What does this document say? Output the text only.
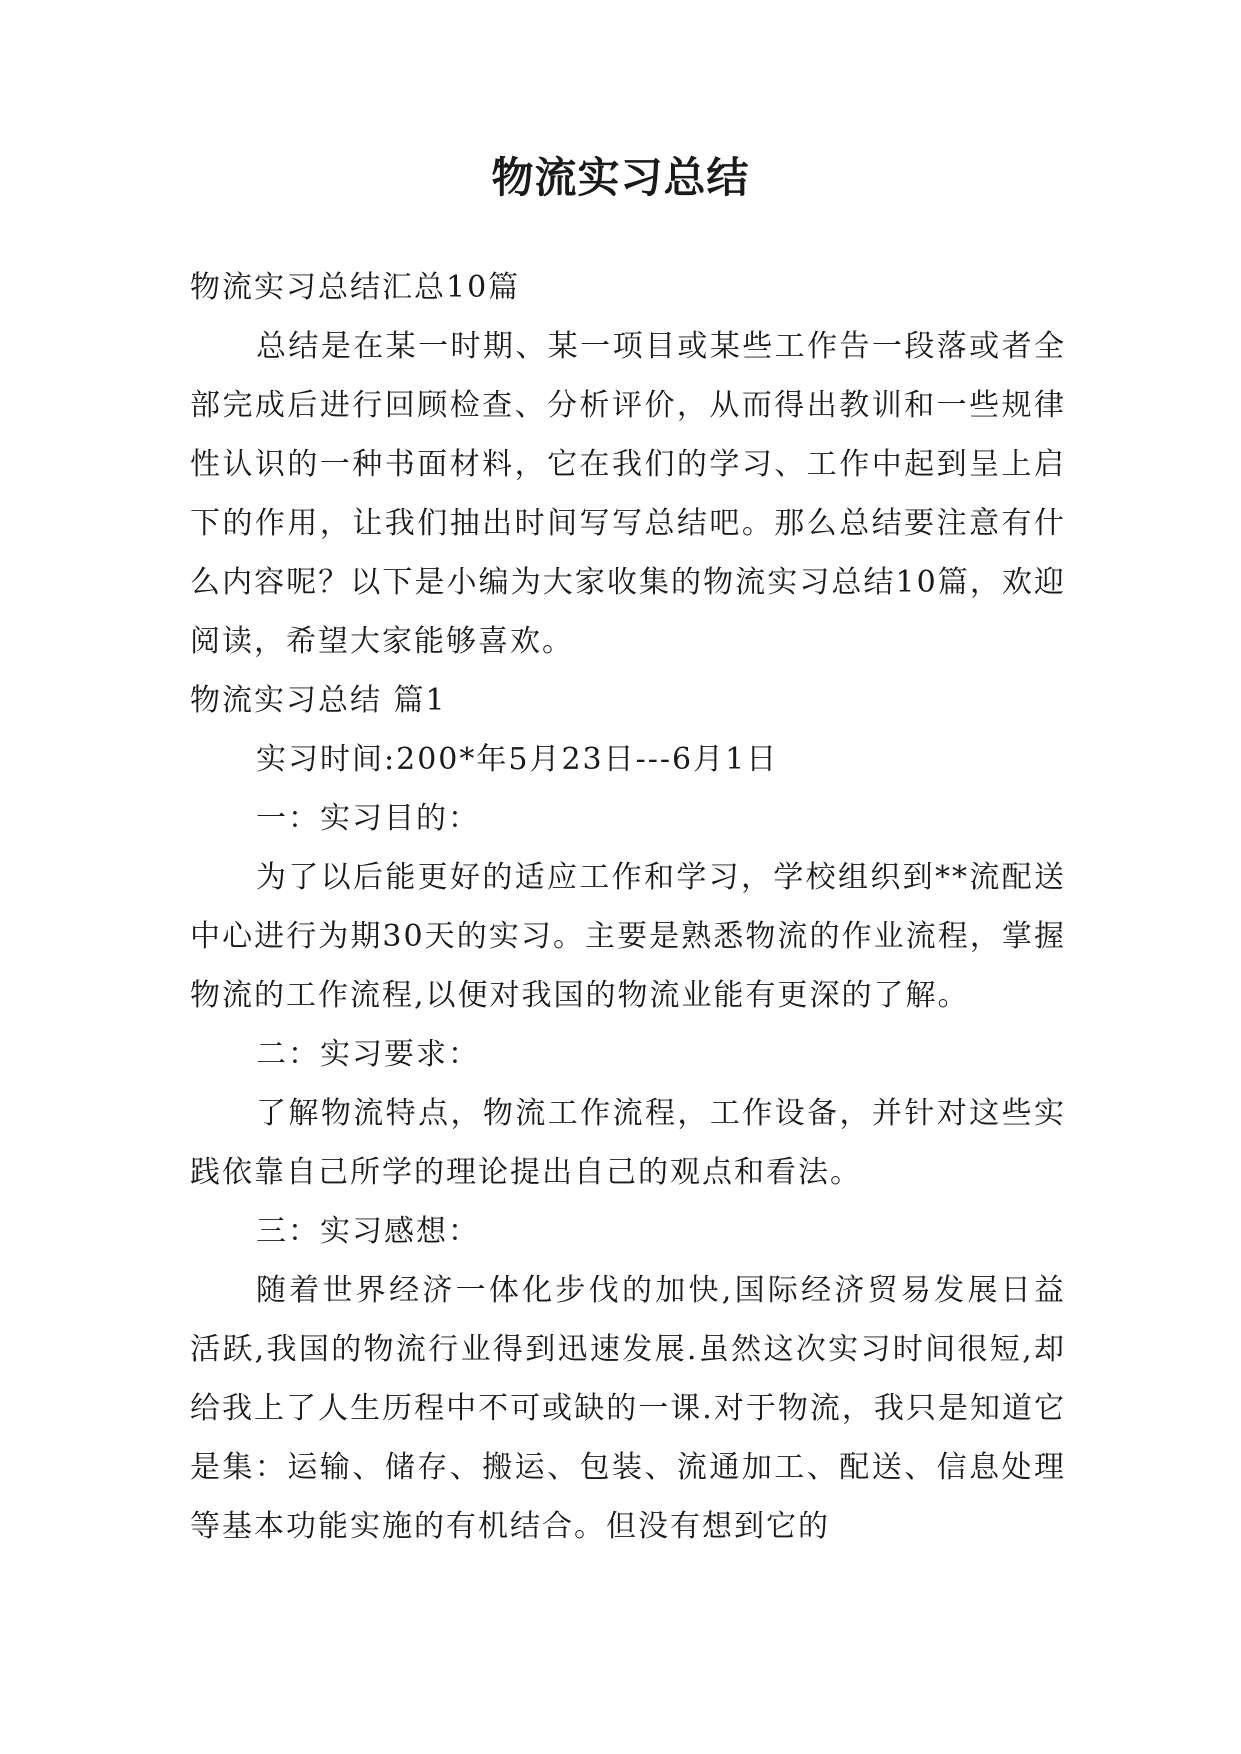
物流实习总结

物流实习总结汇总10篇

总结是在某一时期、某一项目或某些工作告一段落或者全部完成后进行回顾检查、分析评价，从而得出教训和一些规律性认识的一种书面材料，它在我们的学习、工作中起到呈上启下的作用，让我们抽出时间写写总结吧。那么总结要注意有什么内容呢？以下是小编为大家收集的物流实习总结10篇，欢迎阅读，希望大家能够喜欢。

物流实习总结 篇1

实习时间:200*年5月23日---6月1日

一：实习目的：

为了以后能更好的适应工作和学习，学校组织到**流配送中心进行为期30天的实习。主要是熟悉物流的作业流程，掌握物流的工作流程,以便对我国的物流业能有更深的了解。

二：实习要求：

了解物流特点，物流工作流程，工作设备，并针对这些实践依靠自己所学的理论提出自己的观点和看法。

三：实习感想：

随着世界经济一体化步伐的加快,国际经济贸易发展日益活跃,我国的物流行业得到迅速发展.虽然这次实习时间很短,却给我上了人生历程中不可或缺的一课.对于物流，我只是知道它是集：运输、储存、搬运、包装、流通加工、配送、信息处理等基本功能实施的有机结合。但没有想到它的
